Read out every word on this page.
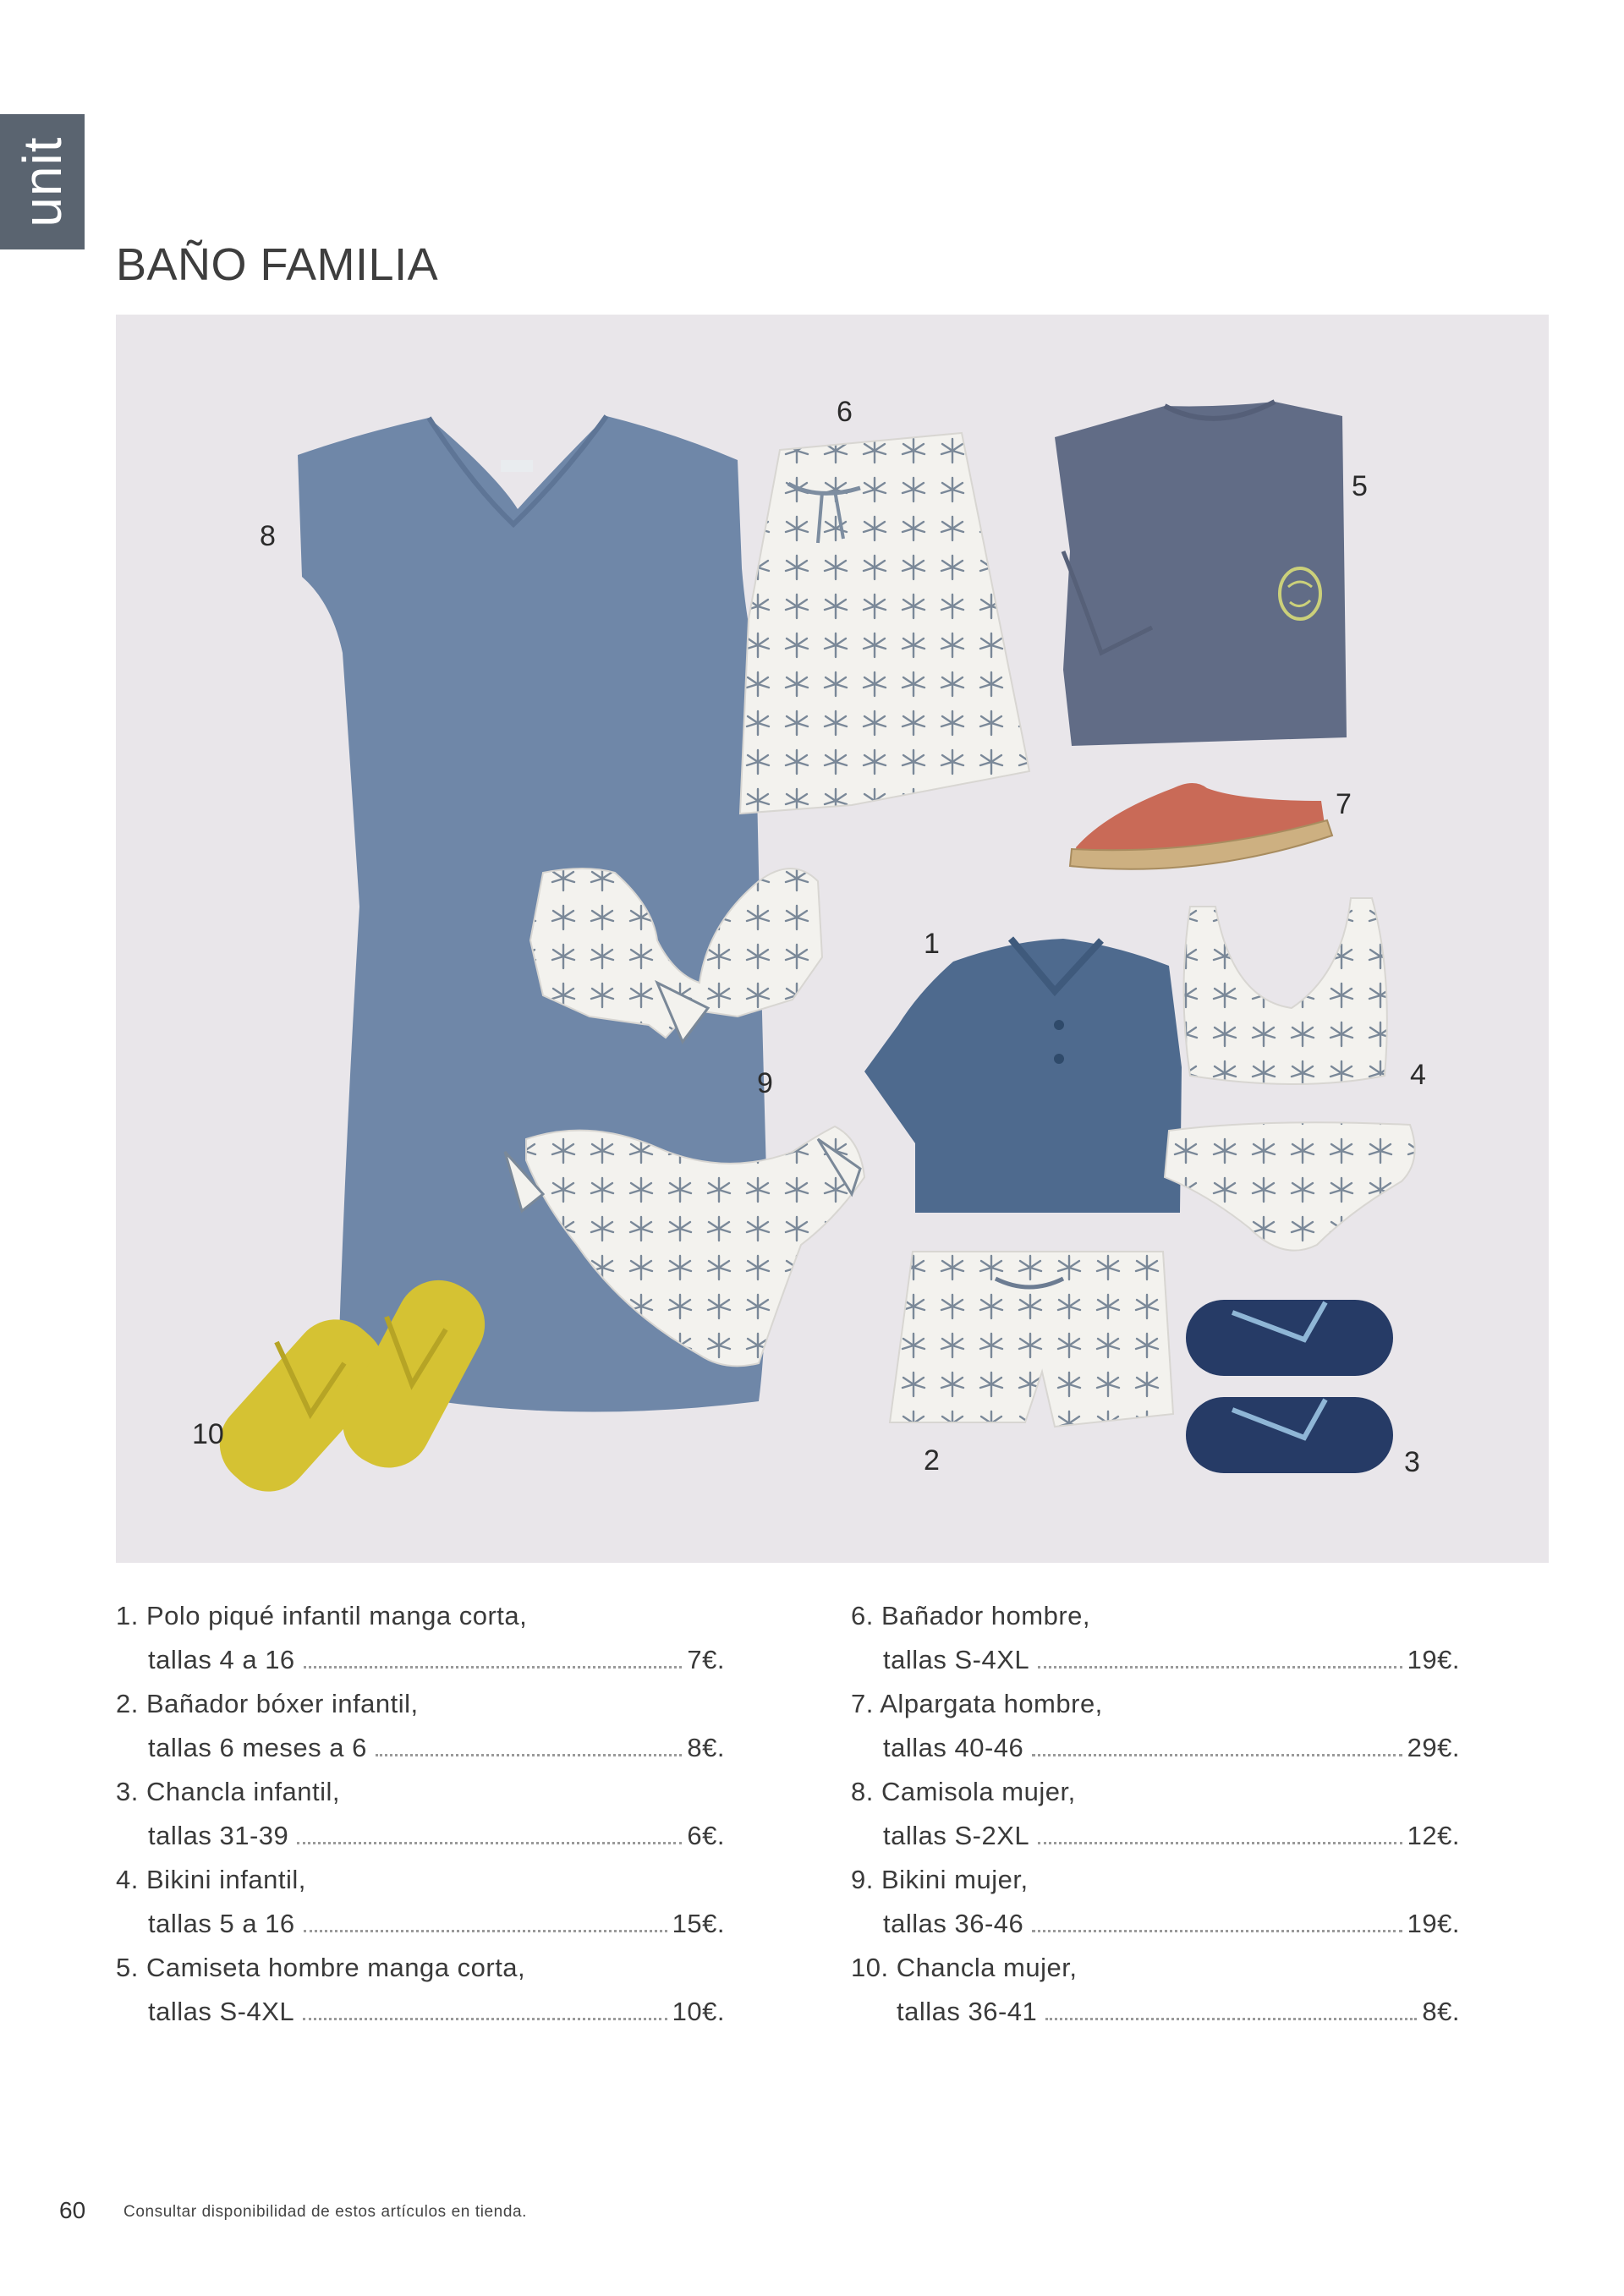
unit
BAÑO FAMILIA
1
2	3
4
5
6
7
8
9
10
1. Polo piqué infantil manga corta,
tallas 4 a 16	7€.
2. Bañador bóxer infantil,
tallas 6 meses a 6	8€.
3. Chancla infantil,
tallas 31-39	6€.
4. Bikini infantil,
tallas 5 a 16	15€.
5. Camiseta hombre manga corta,
tallas S-4XL	10€.
6. Bañador hombre,
tallas S-4XL	19€.
7. Alpargata hombre,
tallas 40-46	29€.
8. Camisola mujer,
tallas S-2XL	12€.
9. Bikini mujer,
tallas 36-46	19€.
10. Chancla mujer,
tallas 36-41	8€.
60 Consultar disponibilidad de estos artículos en tienda.
